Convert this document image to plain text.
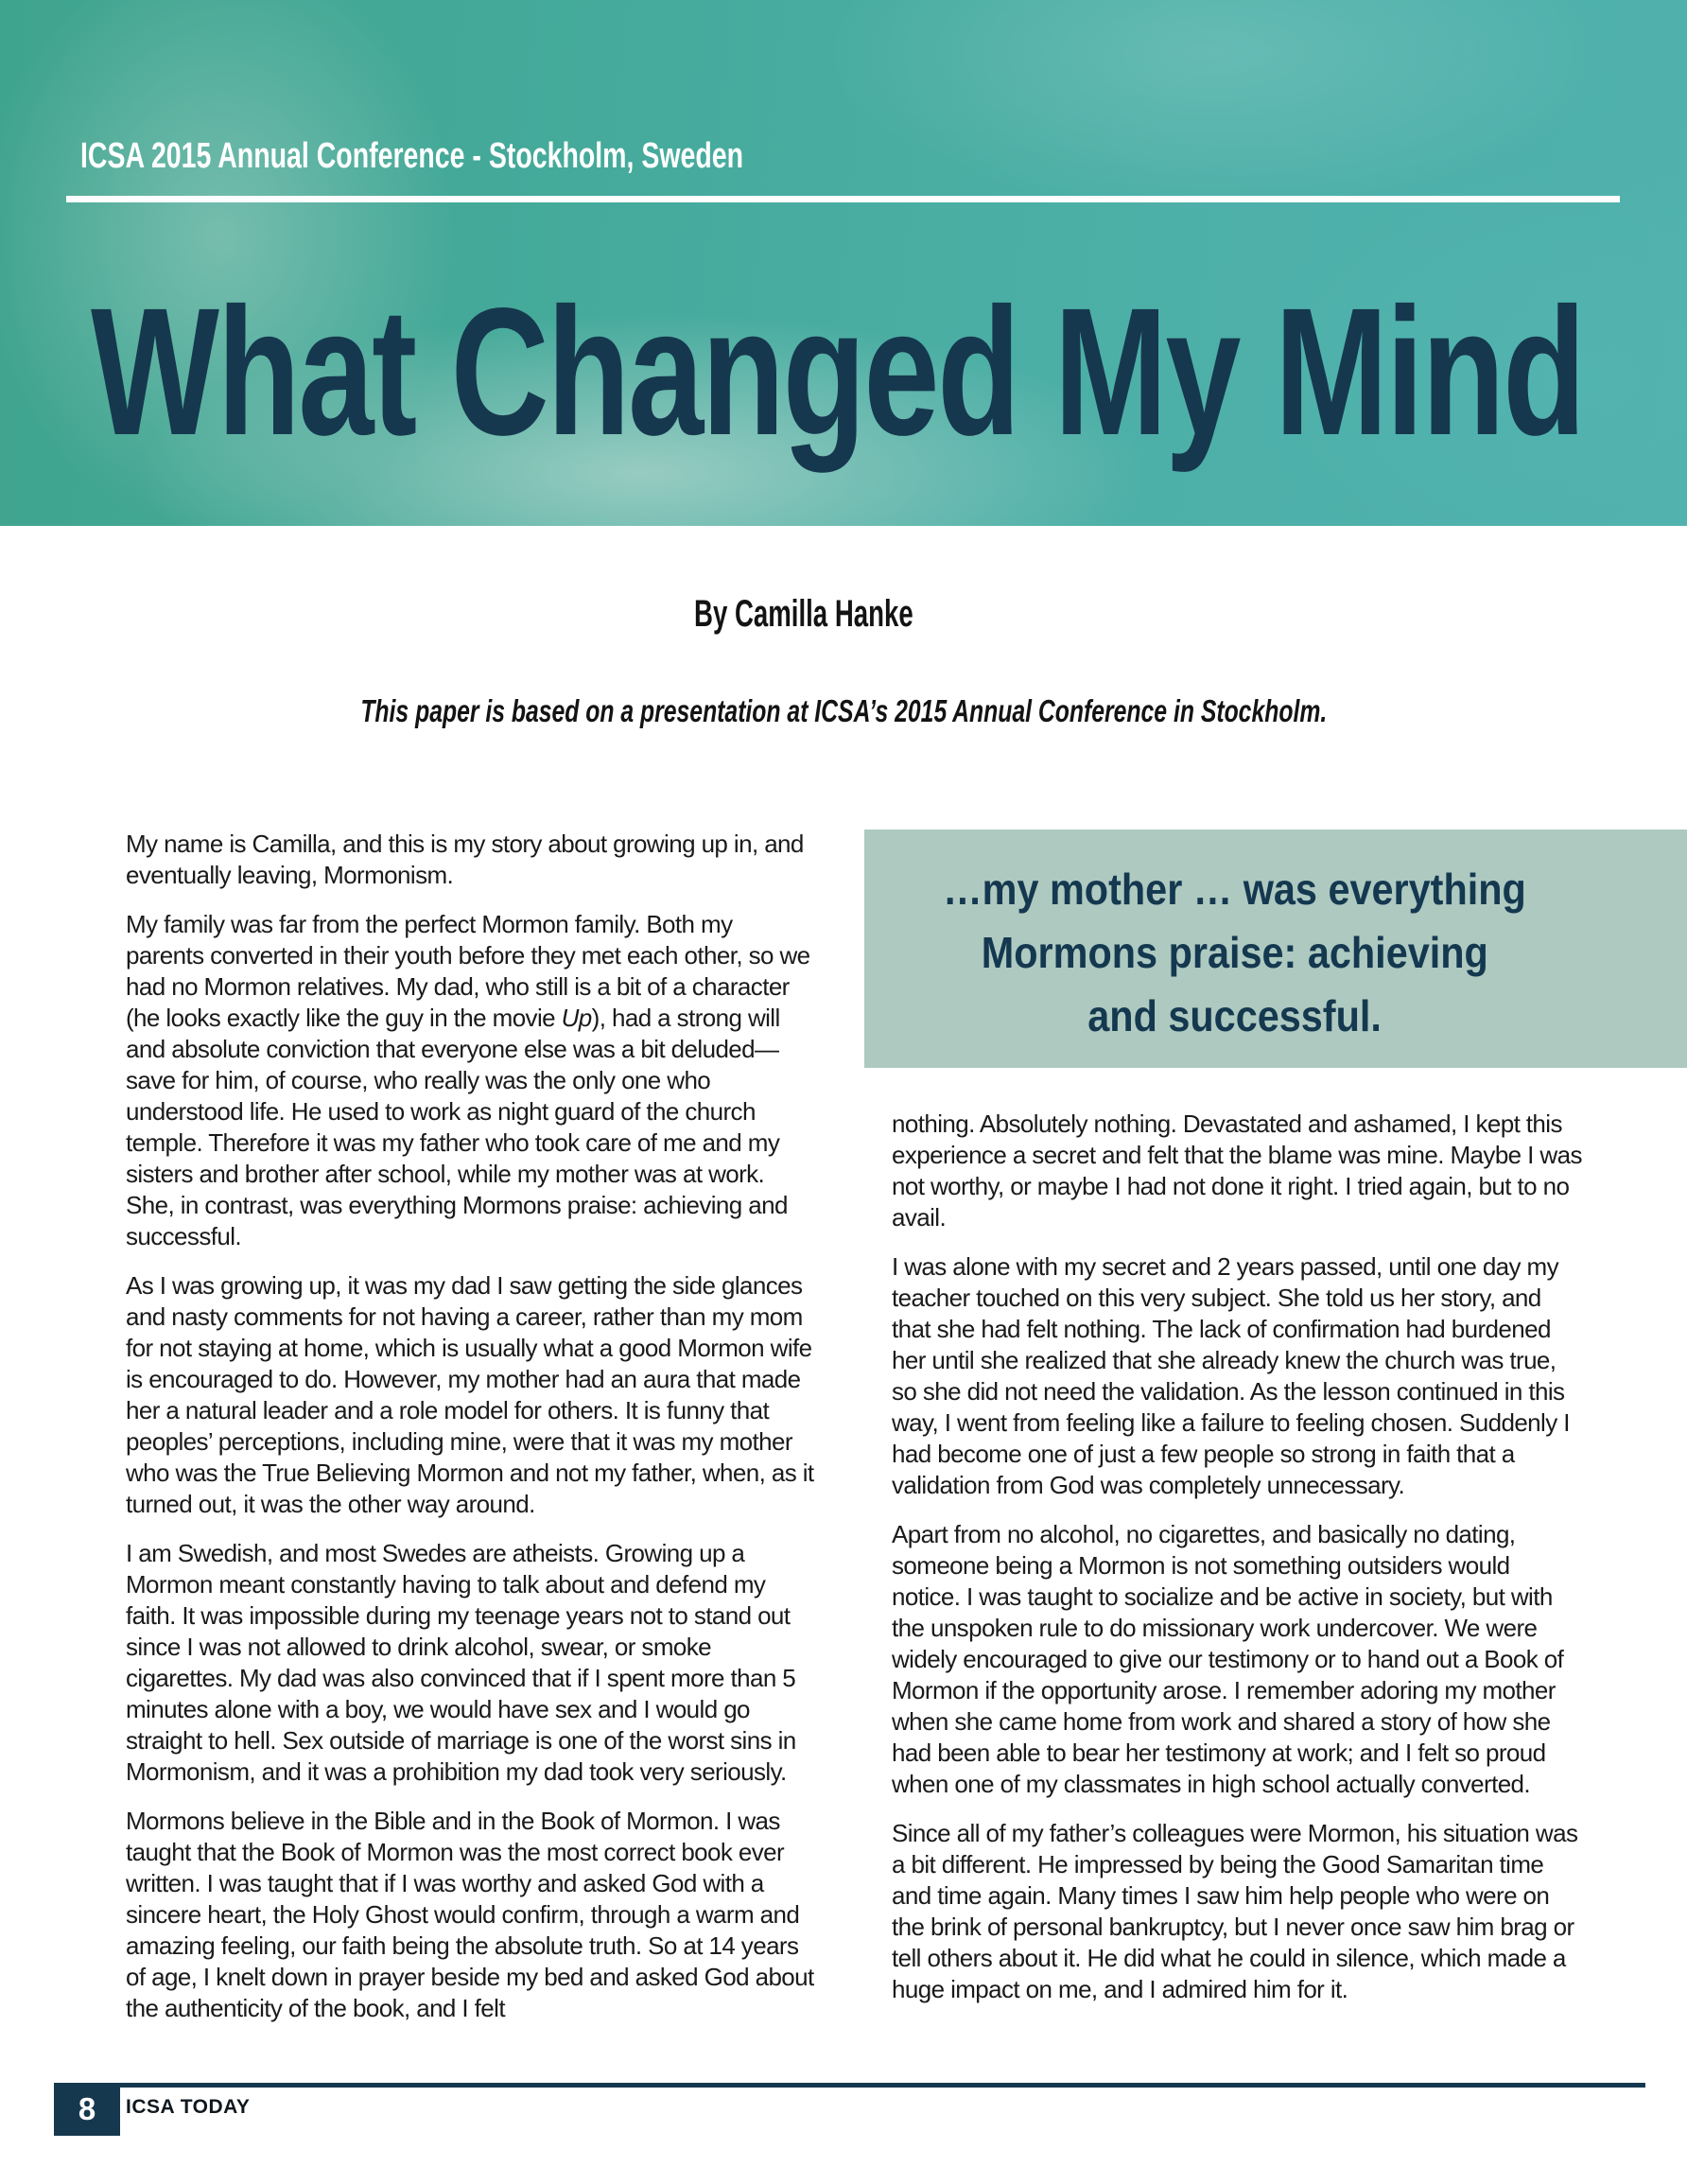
ICSA 2015 Annual Conference - Stockholm, Sweden
What Changed My Mind
By Camilla Hanke
This paper is based on a presentation at ICSA’s 2015 Annual Conference in Stockholm.

My name is Camilla, and this is my story about growing up in, and eventually leaving, Mormonism.

My family was far from the perfect Mormon family. Both my parents converted in their youth before they met each other, so we had no Mormon relatives. My dad, who still is a bit of a character (he looks exactly like the guy in the movie Up), had a strong will and absolute conviction that everyone else was a bit deluded—save for him, of course, who really was the only one who understood life. He used to work as night guard of the church temple. Therefore it was my father who took care of me and my sisters and brother after school, while my mother was at work. She, in contrast, was everything Mormons praise: achieving and successful.

As I was growing up, it was my dad I saw getting the side glances and nasty comments for not having a career, rather than my mom for not staying at home, which is usually what a good Mormon wife is encouraged to do. However, my mother had an aura that made her a natural leader and a role model for others. It is funny that peoples’ perceptions, including mine, were that it was my mother who was the True Believing Mormon and not my father, when, as it turned out, it was the other way around.

I am Swedish, and most Swedes are atheists. Growing up a Mormon meant constantly having to talk about and defend my faith. It was impossible during my teenage years not to stand out since I was not allowed to drink alcohol, swear, or smoke cigarettes. My dad was also convinced that if I spent more than 5 minutes alone with a boy, we would have sex and I would go straight to hell. Sex outside of marriage is one of the worst sins in Mormonism, and it was a prohibition my dad took very seriously.

Mormons believe in the Bible and in the Book of Mormon. I was taught that the Book of Mormon was the most correct book ever written. I was taught that if I was worthy and asked God with a sincere heart, the Holy Ghost would confirm, through a warm and amazing feeling, our faith being the absolute truth. So at 14 years of age, I knelt down in prayer beside my bed and asked God about the authenticity of the book, and I felt

…my mother … was everything
Mormons praise: achieving
and successful.

nothing. Absolutely nothing. Devastated and ashamed, I kept this experience a secret and felt that the blame was mine. Maybe I was not worthy, or maybe I had not done it right. I tried again, but to no avail.

I was alone with my secret and 2 years passed, until one day my teacher touched on this very subject. She told us her story, and that she had felt nothing. The lack of confirmation had burdened her until she realized that she already knew the church was true, so she did not need the validation. As the lesson continued in this way, I went from feeling like a failure to feeling chosen. Suddenly I had become one of just a few people so strong in faith that a validation from God was completely unnecessary.

Apart from no alcohol, no cigarettes, and basically no dating, someone being a Mormon is not something outsiders would notice. I was taught to socialize and be active in society, but with the unspoken rule to do missionary work undercover. We were widely encouraged to give our testimony or to hand out a Book of Mormon if the opportunity arose. I remember adoring my mother when she came home from work and shared a story of how she had been able to bear her testimony at work; and I felt so proud when one of my classmates in high school actually converted.

Since all of my father’s colleagues were Mormon, his situation was a bit different. He impressed by being the Good Samaritan time and time again. Many times I saw him help people who were on the brink of personal bankruptcy, but I never once saw him brag or tell others about it. He did what he could in silence, which made a huge impact on me, and I admired him for it.

8 ICSA TODAY
